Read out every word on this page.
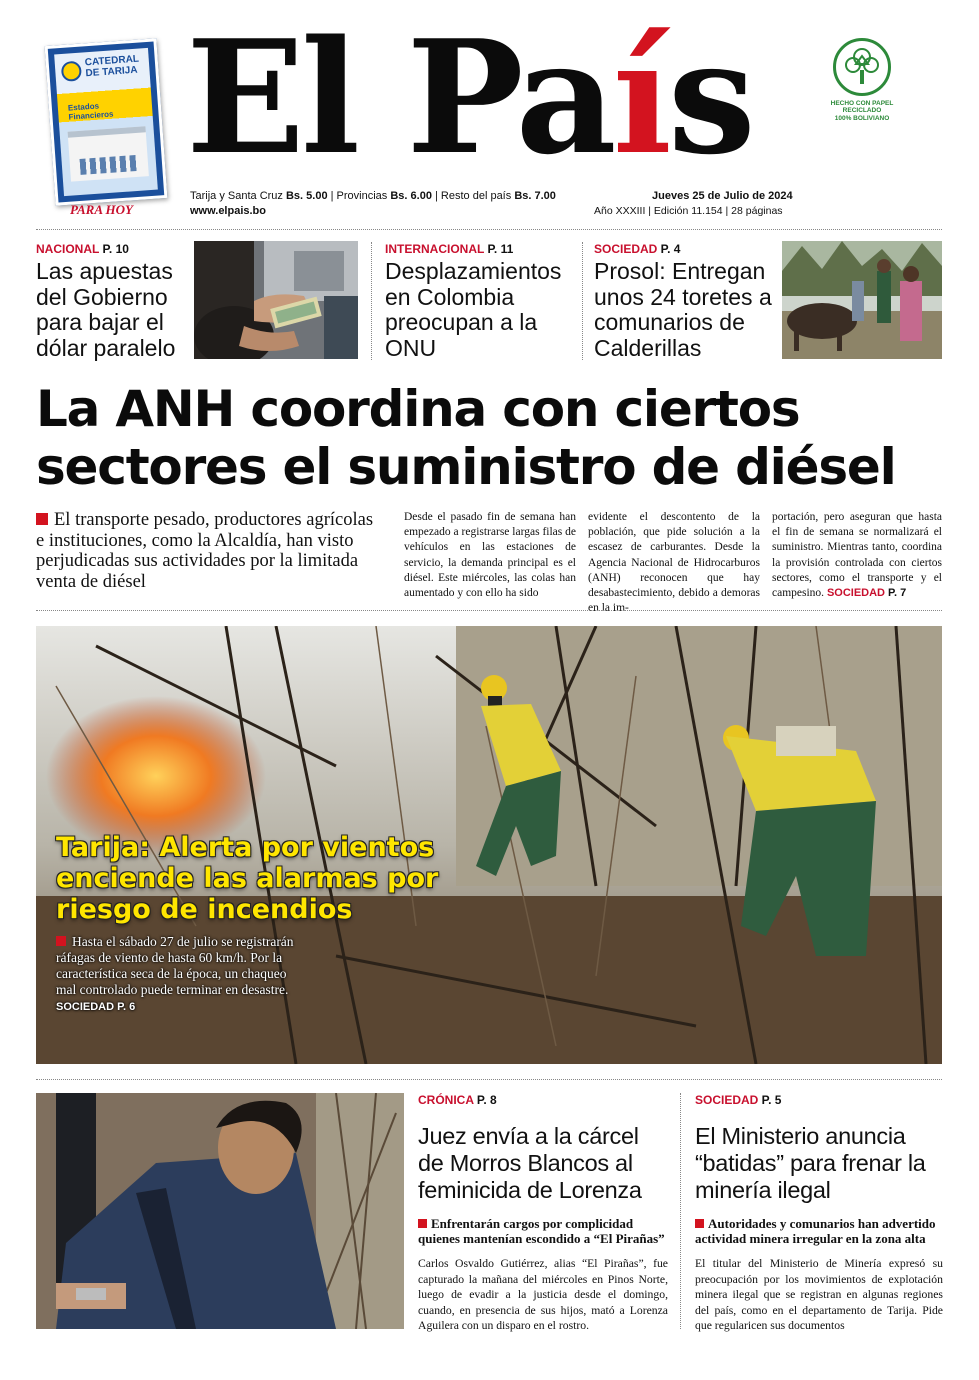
CATEDRAL
DE TARIJA
Estados
Financieros
PARA HOY
El País
Tarija y Santa Cruz Bs. 5.00 | Provincias Bs. 6.00 | Resto del país Bs. 7.00
www.elpais.bo
Jueves 25 de Julio de 2024
Año XXXIII | Edición 11.154 | 28 páginas
HECHO CON PAPEL
RECICLADO
100% BOLIVIANO
NACIONAL P. 10
Las apuestas del Gobierno para bajar el dólar paralelo
INTERNACIONAL P. 11
Desplazamientos en Colombia preocupan a la ONU
SOCIEDAD P. 4
Prosol: Entregan unos 24 toretes a comunarios de Calderillas
La ANH coordina con ciertos sectores el suministro de diésel
El transporte pesado, productores agrícolas e instituciones, como la Alcaldía, han visto perjudicadas sus actividades por la limitada venta de diésel
Desde el pasado fin de semana han empezado a registrarse largas filas de vehículos en las estaciones de servicio, la demanda principal es el diésel. Este miércoles, las colas han aumentado y con ello ha sido
evidente el descontento de la población, que pide solución a la escasez de carburantes. Desde la Agencia Nacional de Hidrocarburos (ANH) reconocen que hay desabastecimiento, debido a demoras en la im-
portación, pero aseguran que hasta el fin de semana se normalizará el suministro. Mientras tanto, coordina la provisión controlada con ciertos sectores, como el transporte y el campesino. SOCIEDAD P. 7
Tarija: Alerta por vientos enciende las alarmas por riesgo de incendios
Hasta el sábado 27 de julio se registrarán ráfagas de viento de hasta 60 km/h. Por la característica seca de la época, un chaqueo mal controlado puede terminar en desastre. SOCIEDAD P. 6
CRÓNICA P. 8
Juez envía a la cárcel de Morros Blancos al feminicida de Lorenza
Enfrentarán cargos por complicidad quienes mantenían escondido a “El Pirañas”
Carlos Osvaldo Gutiérrez, alias “El Pirañas”, fue capturado la mañana del miércoles en Pinos Norte, luego de evadir a la justicia desde el domingo, cuando, en presencia de sus hijos, mató a Lorenza Aguilera con un disparo en el rostro.
SOCIEDAD P. 5
El Ministerio anuncia “batidas” para frenar la minería ilegal
Autoridades y comunarios han advertido actividad minera irregular en la zona alta
El titular del Ministerio de Minería expresó su preocupación por los movimientos de explotación minera ilegal que se registran en algunas regiones del país, como en el departamento de Tarija. Pide que regularicen sus documentos
